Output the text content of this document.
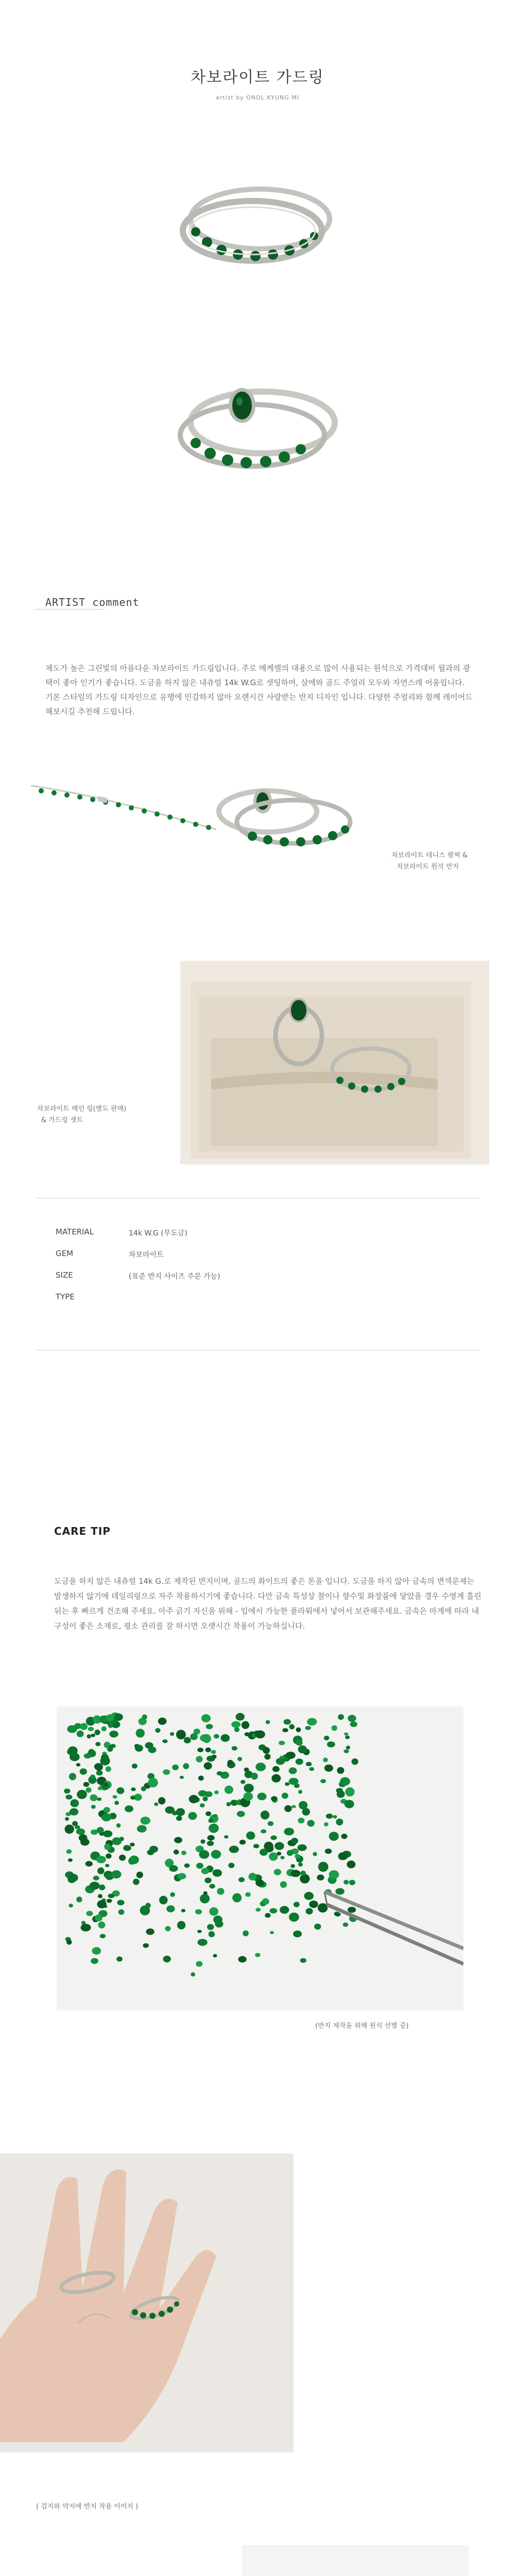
차보라이트 가드링
artist by ONOL.KYUNG MI
ARTIST comment
채도가 높은 그린빛의 아름다운 차보라이트 가드링입니다. 주로 메케렐의 대용으로 많이 사용되는 원석으로 가격대비 월과의 광택이 좋아 인기가 좋습니다. 도금을 하지 않은 내츄럴 14k W.G로 셋팅하여, 살에와 골드 주얼리 모두와 자연스레 어울립니다. 기본 스타일의 가드링 디자인으로 유행에 민감하지 않아 오랜시간 사랑받는 반지 디자인 입니다. 다양한 주얼리와 함께 레이어드 해보시길 추천해 드립니다.
차보라이트 테니스 팔찌 &
차보라이트 원석 반지
차보라이트 메인 링(별도 판매)
& 가드링 셋트
MATERIAL	14k W.G (무도금)
GEM	차보라이트
SIZE	(표준 반지 사이즈 주문 가능)
TYPE
CARE TIP
도금을 하지 않은 내츄럴 14k G.로 제작된 반지이며, 골드의 화이트의 좋은 톤을 입니다. 도금을 하지 않아 금속의 변색문제는 발생하지 않기에 데일리링으로 자주 착용하시기에 좋습니다. 다만 금속 특성상 찰이나 향수및 화장품에 닿았을 경우 수영계 흘린 뒤는 후 빠르게 건조해 주세요. 아주 긁기 자신을 위해 - 입에서 가능한 플라워에서 넣어서 보관해주세요. 금속은 마계에 따라 내구성이 좋은 소재로, 평소 관리를 잘 하시면 오랫시간 착용이 가능하십니다.
(반지 제작을 위해 원석 선별 중)
( 검지와 약지에 반지 착용 이미지 )
